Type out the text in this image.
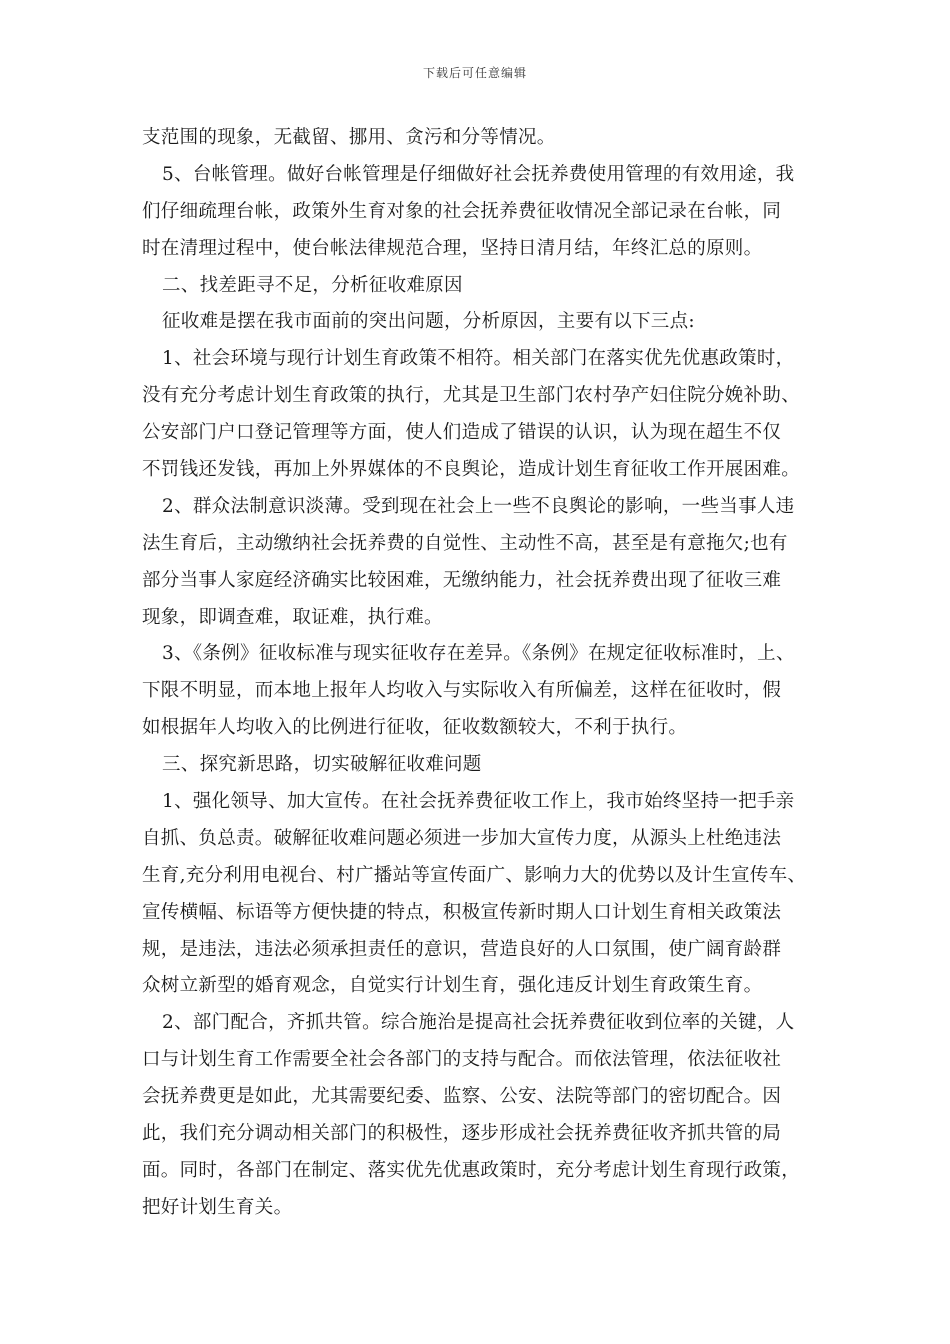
下载后可任意编辑
支范围的现象，无截留、挪用、贪污和分等情况。
5、台帐管理。做好台帐管理是仔细做好社会抚养费使用管理的有效用途，我
们仔细疏理台帐，政策外生育对象的社会抚养费征收情况全部记录在台帐，同
时在清理过程中，使台帐法律规范合理，坚持日清月结，年终汇总的原则。
二、找差距寻不足，分析征收难原因
征收难是摆在我市面前的突出问题，分析原因，主要有以下三点:
1、社会环境与现行计划生育政策不相符。相关部门在落实优先优惠政策时，
没有充分考虑计划生育政策的执行，尤其是卫生部门农村孕产妇住院分娩补助、
公安部门户口登记管理等方面，使人们造成了错误的认识，认为现在超生不仅
不罚钱还发钱，再加上外界媒体的不良舆论，造成计划生育征收工作开展困难。
2、群众法制意识淡薄。受到现在社会上一些不良舆论的影响，一些当事人违
法生育后，主动缴纳社会抚养费的自觉性、主动性不高，甚至是有意拖欠;也有
部分当事人家庭经济确实比较困难，无缴纳能力，社会抚养费出现了征收三难
现象，即调查难，取证难，执行难。
3、《条例》征收标准与现实征收存在差异。《条例》在规定征收标准时，上、
下限不明显，而本地上报年人均收入与实际收入有所偏差，这样在征收时，假
如根据年人均收入的比例进行征收，征收数额较大，不利于执行。
三、探究新思路，切实破解征收难问题
1、强化领导、加大宣传。在社会抚养费征收工作上，我市始终坚持一把手亲
自抓、负总责。破解征收难问题必须进一步加大宣传力度，从源头上杜绝违法
生育,充分利用电视台、村广播站等宣传面广、影响力大的优势以及计生宣传车、
宣传横幅、标语等方便快捷的特点，积极宣传新时期人口计划生育相关政策法
规，是违法，违法必须承担责任的意识，营造良好的人口氛围，使广阔育龄群
众树立新型的婚育观念，自觉实行计划生育，强化违反计划生育政策生育。
2、部门配合，齐抓共管。综合施治是提高社会抚养费征收到位率的关键，人
口与计划生育工作需要全社会各部门的支持与配合。而依法管理，依法征收社
会抚养费更是如此，尤其需要纪委、监察、公安、法院等部门的密切配合。因
此，我们充分调动相关部门的积极性，逐步形成社会抚养费征收齐抓共管的局
面。同时，各部门在制定、落实优先优惠政策时，充分考虑计划生育现行政策，
把好计划生育关。
